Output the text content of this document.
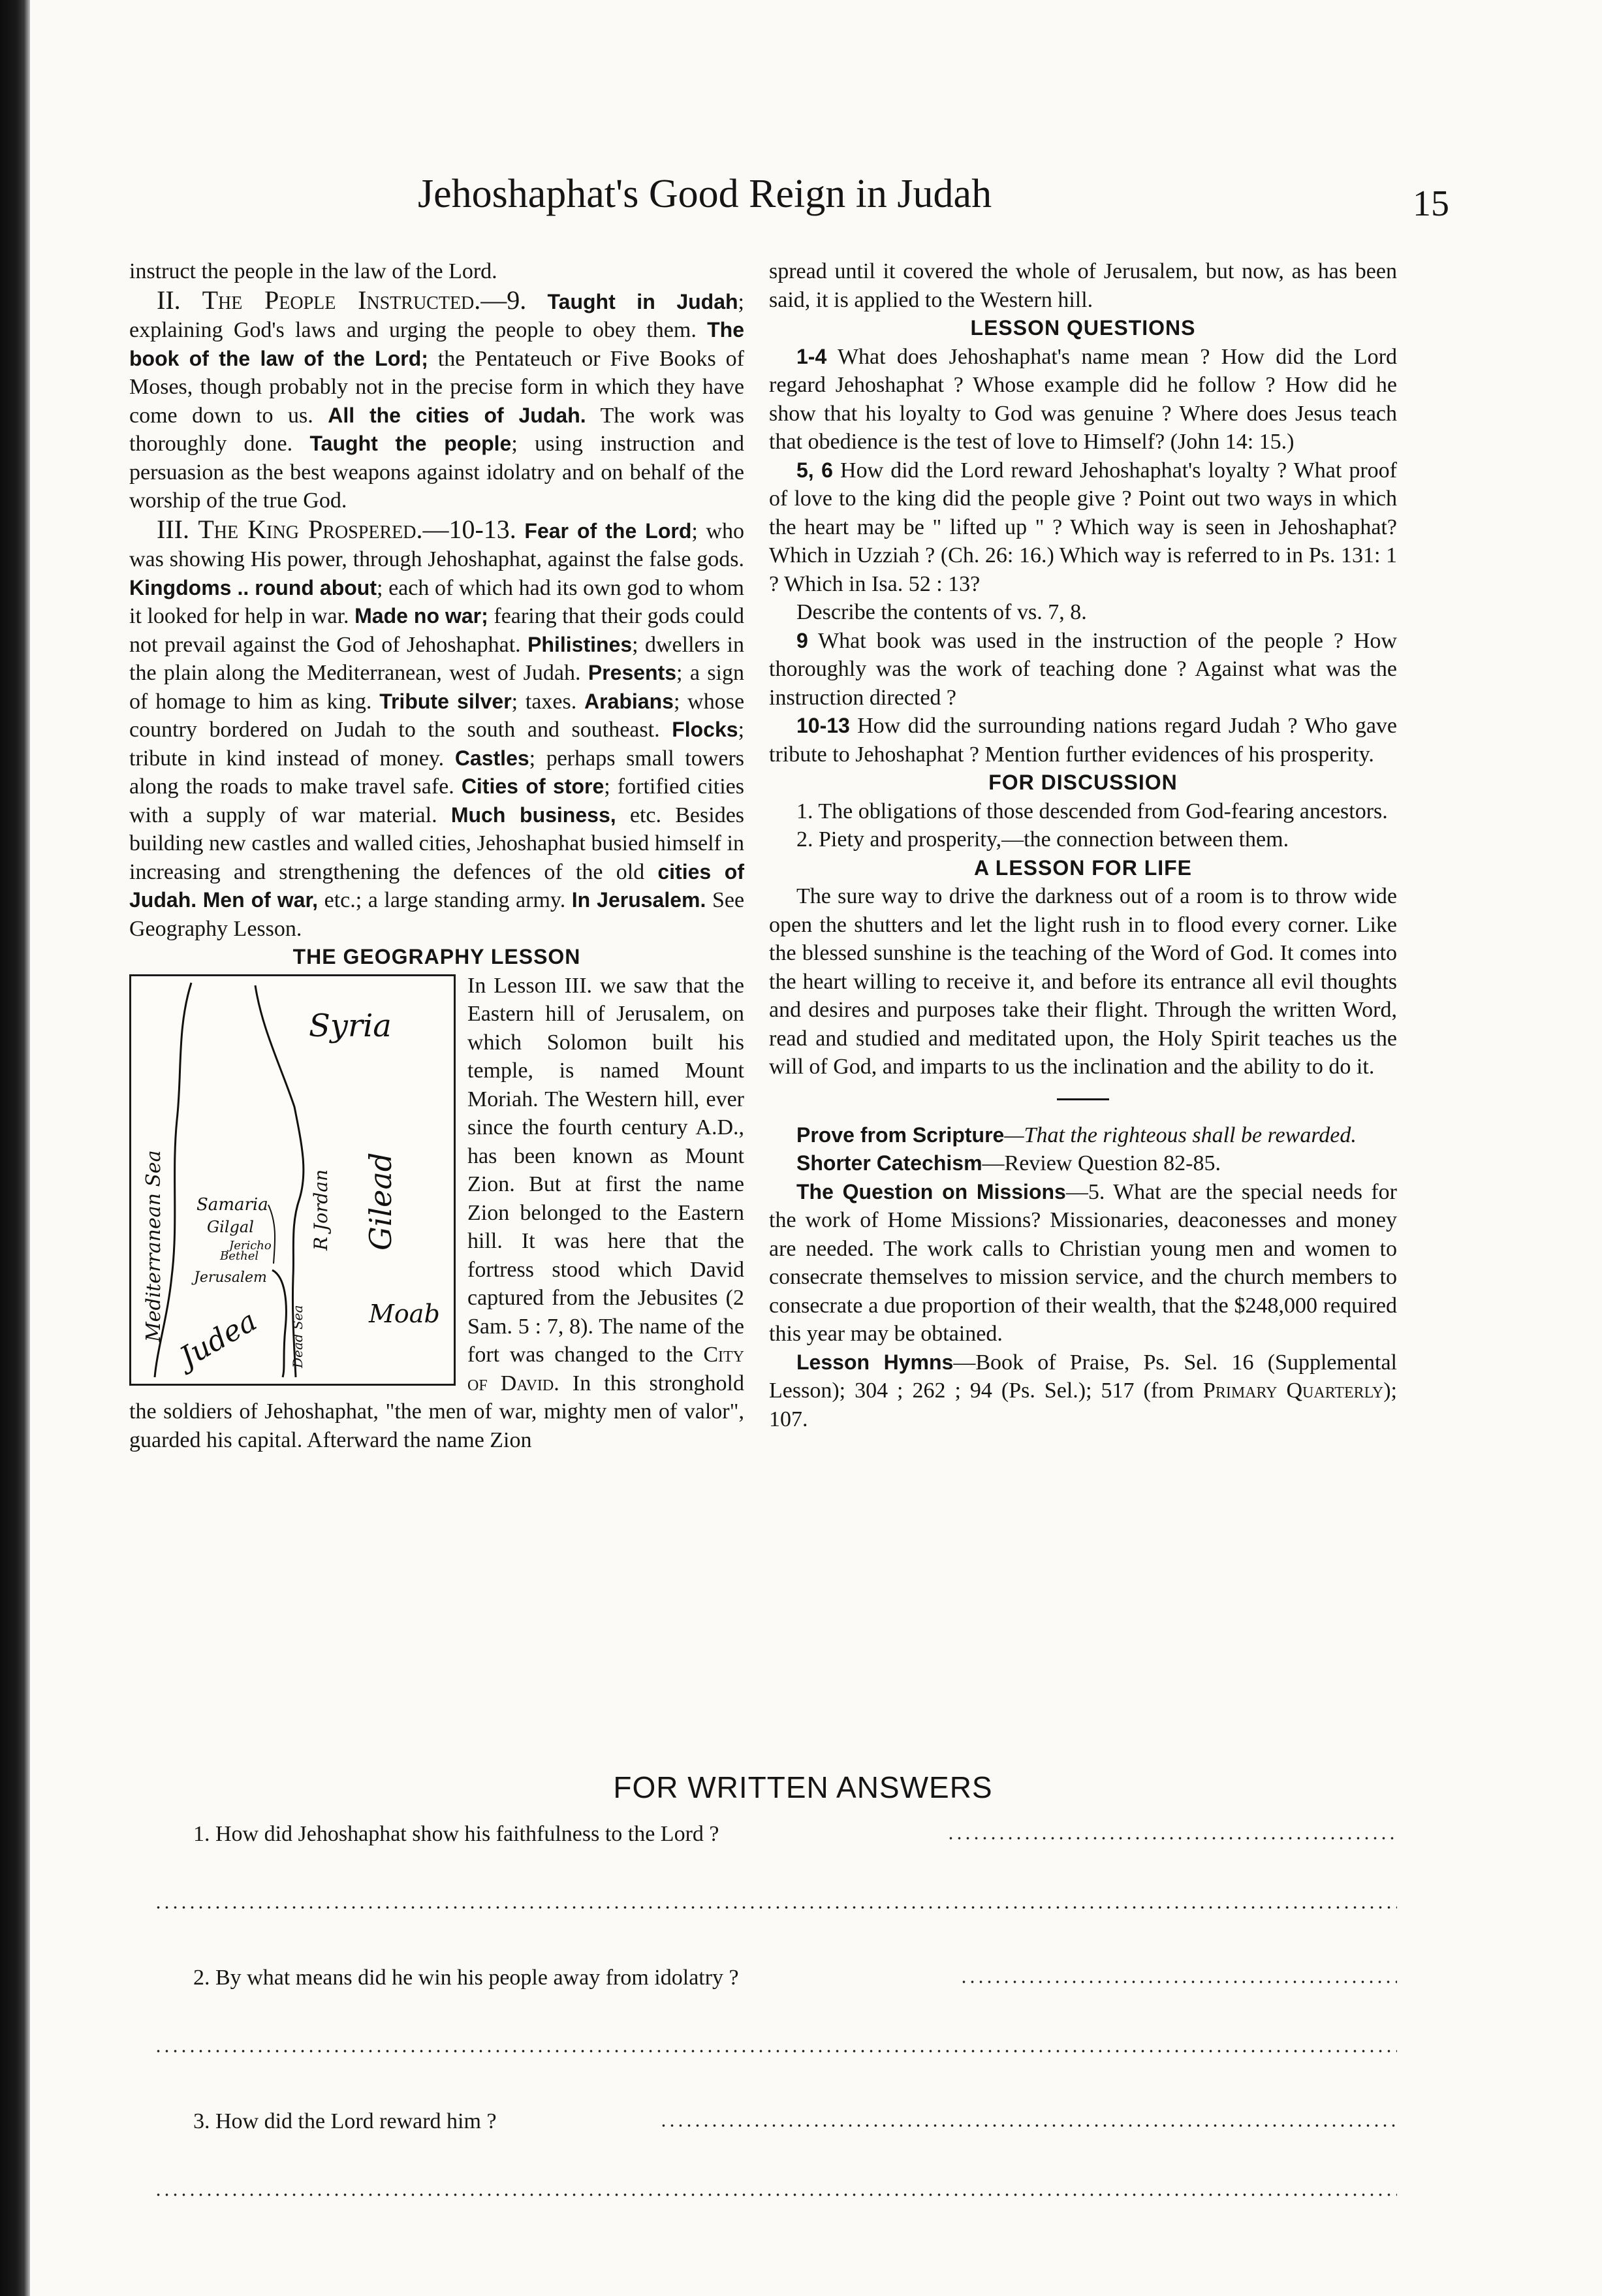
Jehoshaphat's Good Reign in Judah	15

instruct the people in the law of the Lord.

II. The People Instructed.—9. Taught in Judah; explaining God's laws and urging the people to obey them. The book of the law of the Lord; the Pentateuch or Five Books of Moses, though probably not in the precise form in which they have come down to us. All the cities of Judah. The work was thoroughly done. Taught the people; using instruction and persuasion as the best weapons against idolatry and on behalf of the worship of the true God.

III. The King Prospered.—10-13. Fear of the Lord; who was showing His power, through Jehoshaphat, against the false gods. Kingdoms .. round about; each of which had its own god to whom it looked for help in war. Made no war; fearing that their gods could not prevail against the God of Jehoshaphat. Philistines; dwellers in the plain along the Mediterranean, west of Judah. Presents; a sign of homage to him as king. Tribute silver; taxes. Arabians; whose country bordered on Judah to the south and southeast. Flocks; tribute in kind instead of money. Castles; perhaps small towers along the roads to make travel safe. Cities of store; fortified cities with a supply of war material. Much business, etc. Besides building new castles and walled cities, Jehoshaphat busied himself in increasing and strengthening the defences of the old cities of Judah. Men of war, etc.; a large standing army. In Jerusalem. See Geography Lesson.

THE GEOGRAPHY LESSON
Mediterranean Sea
Syria
Gilead
R Jordan
Samaria
Gilgal
Jericho
Bethel
Jerusalem
Moab
Judea Dead Sea

In Lesson III. we saw that the Eastern hill of Jerusalem, on which Solomon built his temple, is named Mount Moriah. The Western hill, ever since the fourth century A.D., has been known as Mount Zion. But at first the name Zion belonged to the Eastern hill. It was here that the fortress stood which David captured from the Jebusites (2 Sam. 5 : 7, 8). The name of the fort was changed to the City of David. In this stronghold the soldiers of Jehoshaphat, "the men of war, mighty men of valor", guarded his capital. Afterward the name Zion

spread until it covered the whole of Jerusalem, but now, as has been said, it is applied to the Western hill.

LESSON QUESTIONS

1-4 What does Jehoshaphat's name mean ? How did the Lord regard Jehoshaphat ? Whose example did he follow ? How did he show that his loyalty to God was genuine ? Where does Jesus teach that obedience is the test of love to Himself? (John 14: 15.)

5, 6 How did the Lord reward Jehoshaphat's loyalty ? What proof of love to the king did the people give ? Point out two ways in which the heart may be " lifted up " ? Which way is seen in Jehoshaphat? Which in Uzziah ? (Ch. 26: 16.) Which way is referred to in Ps. 131: 1 ? Which in Isa. 52 : 13?

Describe the contents of vs. 7, 8.

9 What book was used in the instruction of the people ? How thoroughly was the work of teaching done ? Against what was the instruction directed ?

10-13 How did the surrounding nations regard Judah ? Who gave tribute to Jehoshaphat ? Mention further evidences of his prosperity.

FOR DISCUSSION

1. The obligations of those descended from God-fearing ancestors.

2. Piety and prosperity,—the connection between them.

A LESSON FOR LIFE

The sure way to drive the darkness out of a room is to throw wide open the shutters and let the light rush in to flood every corner. Like the blessed sunshine is the teaching of the Word of God. It comes into the heart willing to receive it, and before its entrance all evil thoughts and desires and purposes take their flight. Through the written Word, read and studied and meditated upon, the Holy Spirit teaches us the will of God, and imparts to us the inclination and the ability to do it.

Prove from Scripture—That the righteous shall be rewarded.

Shorter Catechism—Review Question 82-85.

The Question on Missions—5. What are the special needs for the work of Home Missions? Missionaries, deaconesses and money are needed. The work calls to Christian young men and women to consecrate themselves to mission service, and the church members to consecrate a due proportion of their wealth, that the $248,000 required this year may be obtained.

Lesson Hymns—Book of Praise, Ps. Sel. 16 (Supplemental Lesson); 304 ; 262 ; 94 (Ps. Sel.); 517 (from Primary Quarterly); 107.

FOR WRITTEN ANSWERS
1. How did Jehoshaphat show his faithfulness to the Lord ?
2. By what means did he win his people away from idolatry ?
3. How did the Lord reward him ?
